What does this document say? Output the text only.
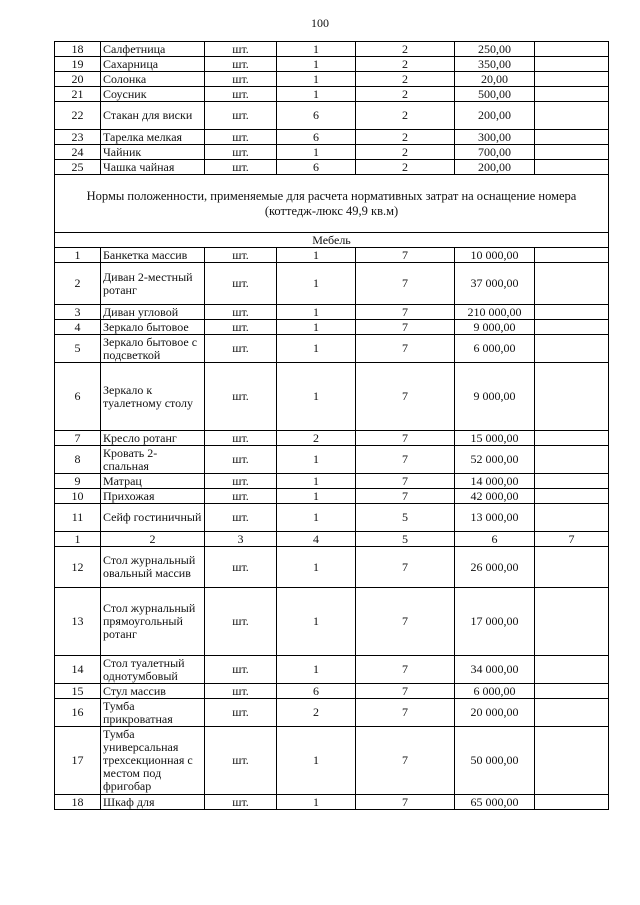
100
18	Салфетница	шт.	1	2	250,00	
19	Сахарница	шт.	1	2	350,00	
20	Солонка	шт.	1	2	20,00	
21	Соусник	шт.	1	2	500,00	
22	Стакан для виски	шт.	6	2	200,00	
23	Тарелка мелкая	шт.	6	2	300,00	
24	Чайник	шт.	1	2	700,00	
25	Чашка чайная	шт.	6	2	200,00	
Нормы положенности, применяемые для расчета нормативных затрат на оснащение номера (коттедж-люкс 49,9 кв.м)						
Мебель						
1	Банкетка массив	шт.	1	7	10 000,00	
2	Диван 2-местный ротанг	шт.	1	7	37 000,00	
3	Диван угловой	шт.	1	7	210 000,00	
4	Зеркало бытовое	шт.	1	7	9 000,00	
5	Зеркало бытовое с подсветкой	шт.	1	7	6 000,00	
6	Зеркало к туалетному столу	шт.	1	7	9 000,00	
7	Кресло ротанг	шт.	2	7	15 000,00	
8	Кровать 2- спальная	шт.	1	7	52 000,00	
9	Матрац	шт.	1	7	14 000,00	
10	Прихожая	шт.	1	7	42 000,00	
11	Сейф гостиничный	шт.	1	5	13 000,00	
1	2	3	4	5	6	7
12	Стол журнальный овальный массив	шт.	1	7	26 000,00	
13	Стол журнальный прямоугольный ротанг	шт.	1	7	17 000,00	
14	Стол туалетный однотумбовый	шт.	1	7	34 000,00	
15	Стул массив	шт.	6	7	6 000,00	
16	Тумба прикроватная	шт.	2	7	20 000,00	
17	Тумба универсальная трехсекционная с местом под фригобар	шт.	1	7	50 000,00	
18	Шкаф для	шт.	1	7	65 000,00	
